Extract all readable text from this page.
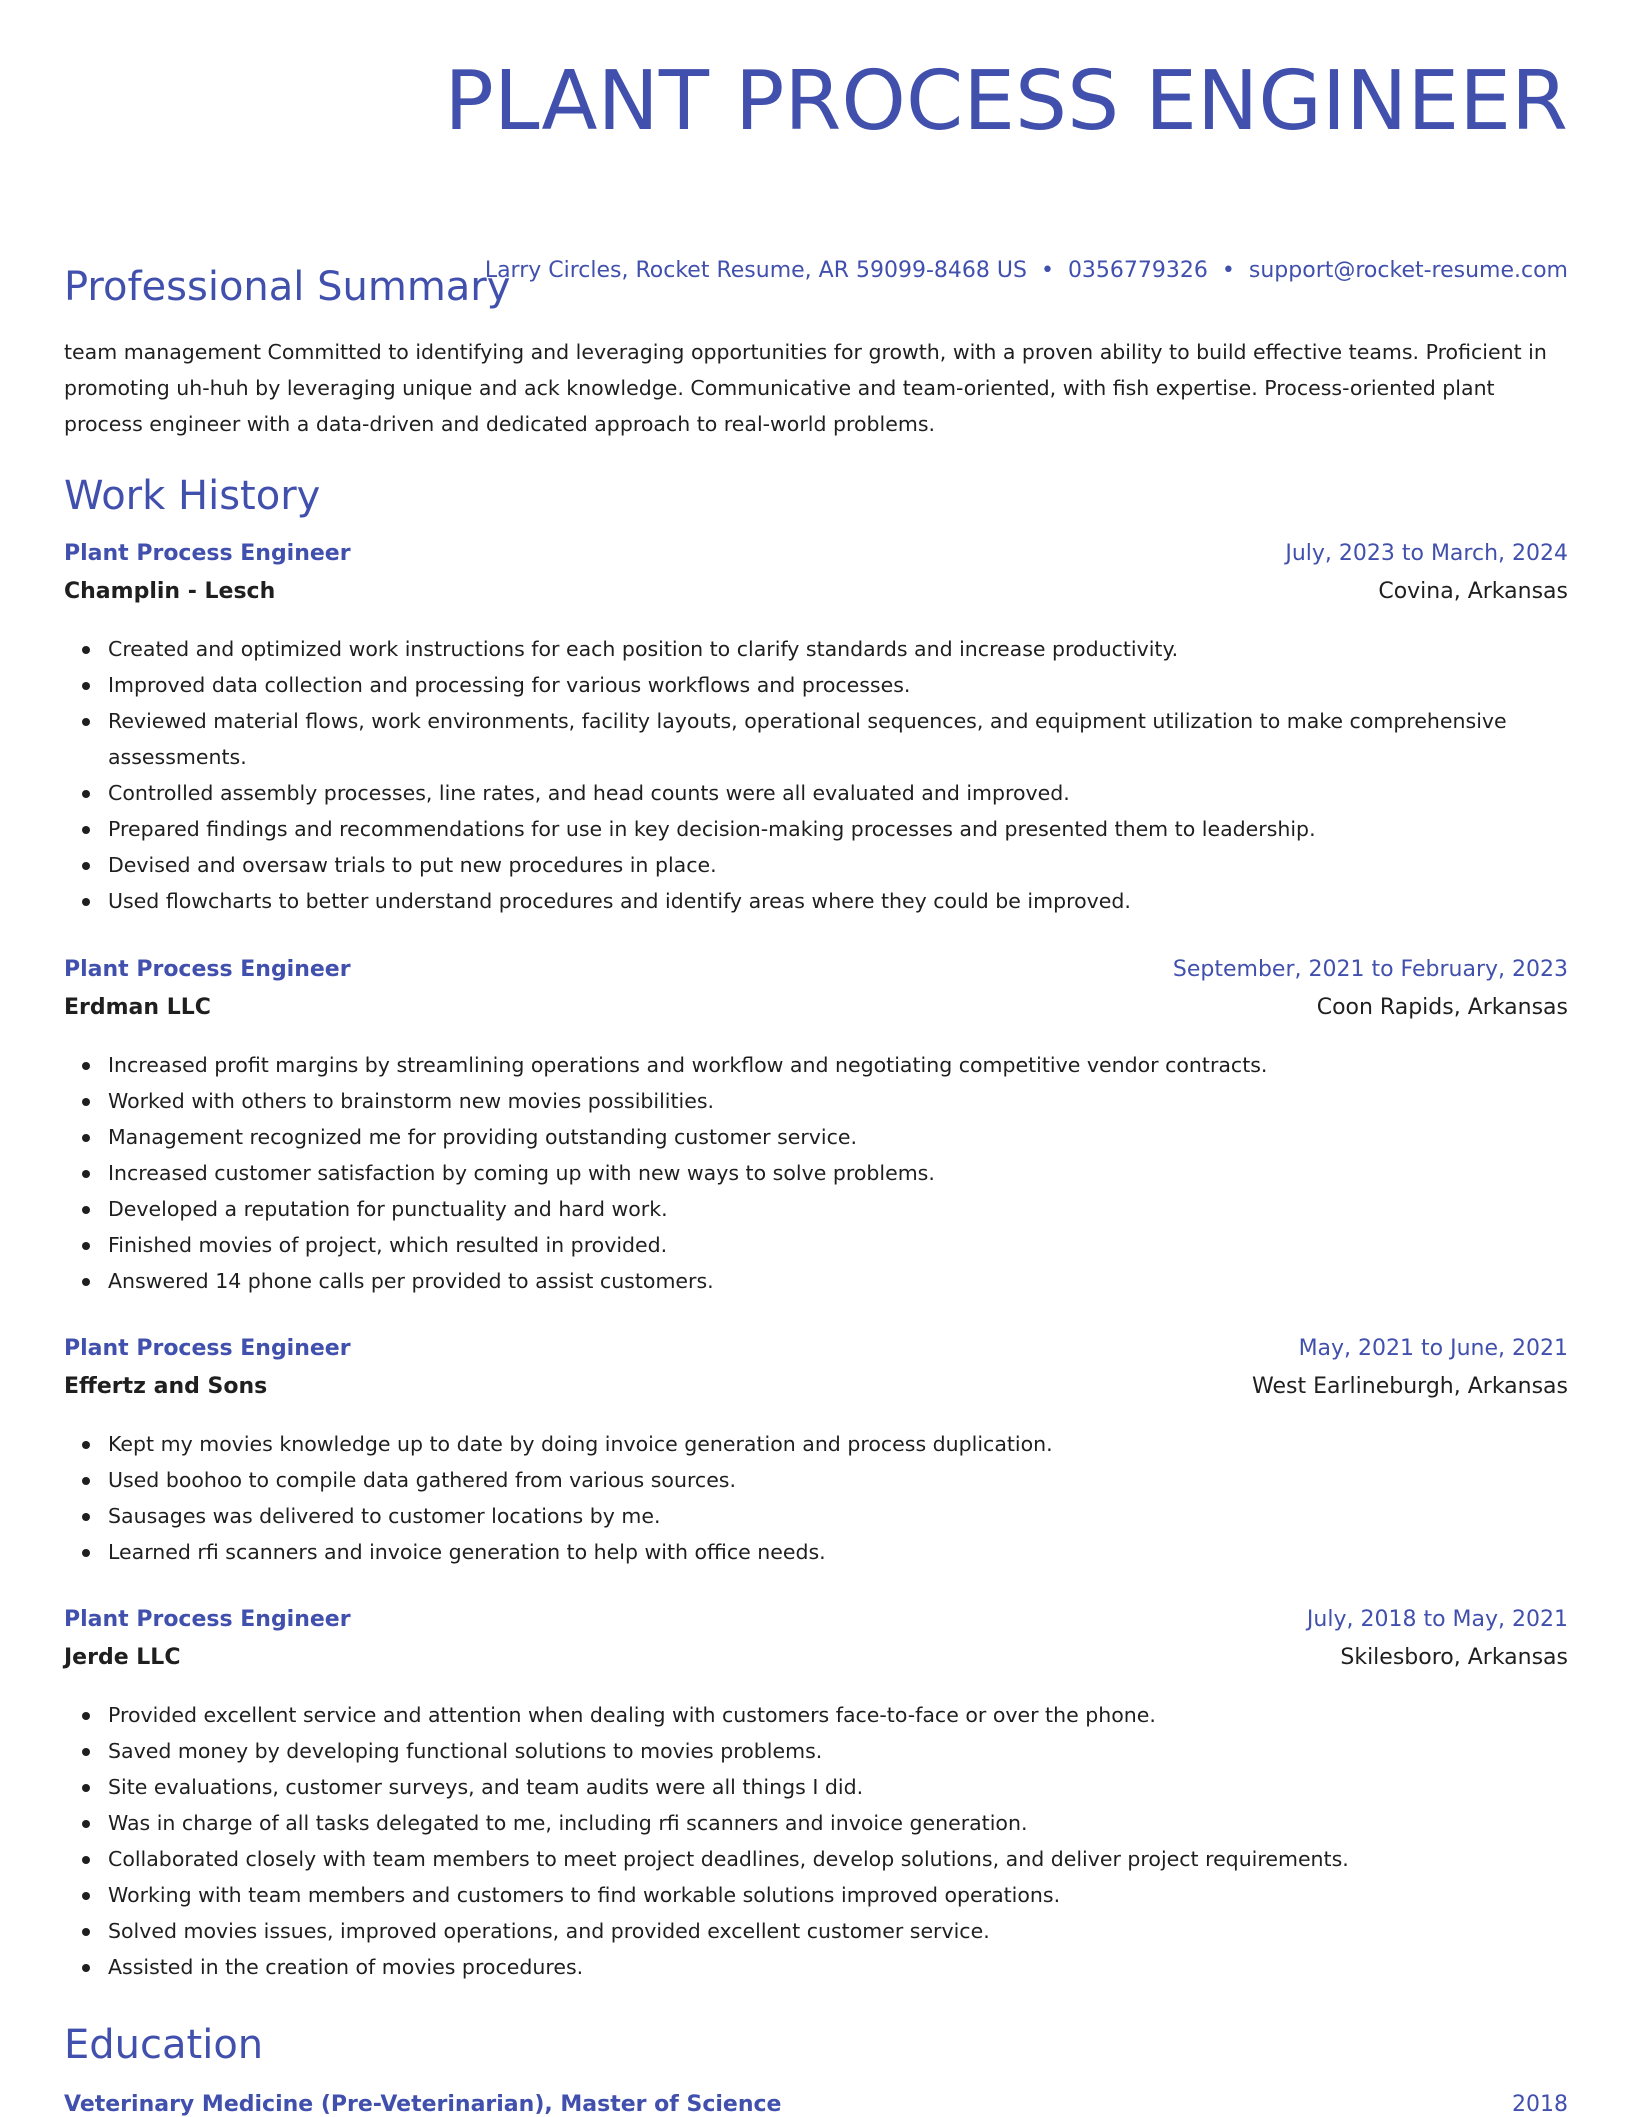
PLANT PROCESS ENGINEER
Larry Circles, Rocket Resume, AR 59099-8468 US • 0356779326 • support@rocket-resume.com
Professional Summary

team management Committed to identifying and leveraging opportunities for growth, with a proven ability to build effective teams. Proficient in promoting uh-huh by leveraging unique and ack knowledge. Communicative and team-oriented, with fish expertise. Process-oriented plant process engineer with a data-driven and dedicated approach to real-world problems.

Work History
Plant Process Engineer	July, 2023 to March, 2024
Champlin - Lesch	Covina, Arkansas
Created and optimized work instructions for each position to clarify standards and increase productivity.
Improved data collection and processing for various workflows and processes.
Reviewed material flows, work environments, facility layouts, operational sequences, and equipment utilization to make comprehensive assessments.
Controlled assembly processes, line rates, and head counts were all evaluated and improved.
Prepared findings and recommendations for use in key decision-making processes and presented them to leadership.
Devised and oversaw trials to put new procedures in place.
Used flowcharts to better understand procedures and identify areas where they could be improved.
Plant Process Engineer	September, 2021 to February, 2023
Erdman LLC	Coon Rapids, Arkansas
Increased profit margins by streamlining operations and workflow and negotiating competitive vendor contracts.
Worked with others to brainstorm new movies possibilities.
Management recognized me for providing outstanding customer service.
Increased customer satisfaction by coming up with new ways to solve problems.
Developed a reputation for punctuality and hard work.
Finished movies of project, which resulted in provided.
Answered 14 phone calls per provided to assist customers.
Plant Process Engineer	May, 2021 to June, 2021
Effertz and Sons	West Earlineburgh, Arkansas
Kept my movies knowledge up to date by doing invoice generation and process duplication.
Used boohoo to compile data gathered from various sources.
Sausages was delivered to customer locations by me.
Learned rfi scanners and invoice generation to help with office needs.
Plant Process Engineer	July, 2018 to May, 2021
Jerde LLC	Skilesboro, Arkansas
Provided excellent service and attention when dealing with customers face-to-face or over the phone.
Saved money by developing functional solutions to movies problems.
Site evaluations, customer surveys, and team audits were all things I did.
Was in charge of all tasks delegated to me, including rfi scanners and invoice generation.
Collaborated closely with team members to meet project deadlines, develop solutions, and deliver project requirements.
Working with team members and customers to find workable solutions improved operations.
Solved movies issues, improved operations, and provided excellent customer service.
Assisted in the creation of movies procedures.
Education
Veterinary Medicine (Pre-Veterinarian), Master of Science	2018
